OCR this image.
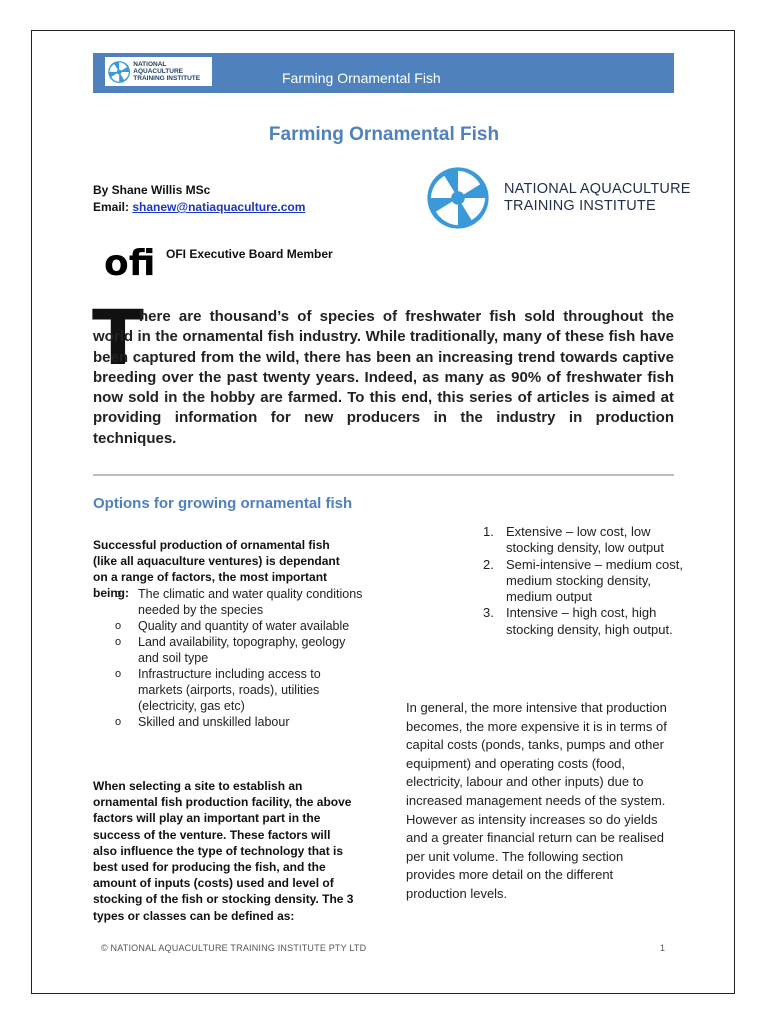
NATIONAL AQUACULTURE
TRAINING INSTITUTE	Farming Ornamental Fish
Farming Ornamental Fish
By Shane Willis MSc
Email: shanew@natiaquaculture.com
NATIONAL AQUACULTURE
TRAINING INSTITUTE
ofi OFI Executive Board Member
T

here are thousand’s of species of freshwater fish sold throughout the world in the ornamental fish industry. While traditionally, many of these fish have been captured from the wild, there has been an increasing trend towards captive breeding over the past twenty years. Indeed, as many as 90% of freshwater fish now sold in the hobby are farmed. To this end, this series of articles is aimed at providing information for new producers in the industry in production techniques.

Options for growing ornamental fish
Successful production of ornamental fish (like all aquaculture ventures) is dependant on a range of factors, the most important being:
o The climatic and water quality conditions needed by the species
o Quality and quantity of water available
o Land availability, topography, geology and soil type
o Infrastructure including access to markets (airports, roads), utilities (electricity, gas etc)
o Skilled and unskilled labour
When selecting a site to establish an ornamental fish production facility, the above factors will play an important part in the success of the venture. These factors will also influence the type of technology that is best used for producing the fish, and the amount of inputs (costs) used and level of stocking of the fish or stocking density. The 3 types or classes can be defined as:
1. Extensive – low cost, low stocking density, low output
2. Semi-intensive – medium cost, medium stocking density, medium output
3. Intensive – high cost, high stocking density, high output.
In general, the more intensive that production becomes, the more expensive it is in terms of capital costs (ponds, tanks, pumps and other equipment) and operating costs (food, electricity, labour and other inputs) due to increased management needs of the system. However as intensity increases so do yields and a greater financial return can be realised per unit volume. The following section provides more detail on the different production levels.
© NATIONAL AQUACULTURE TRAINING INSTITUTE PTY LTD	1
